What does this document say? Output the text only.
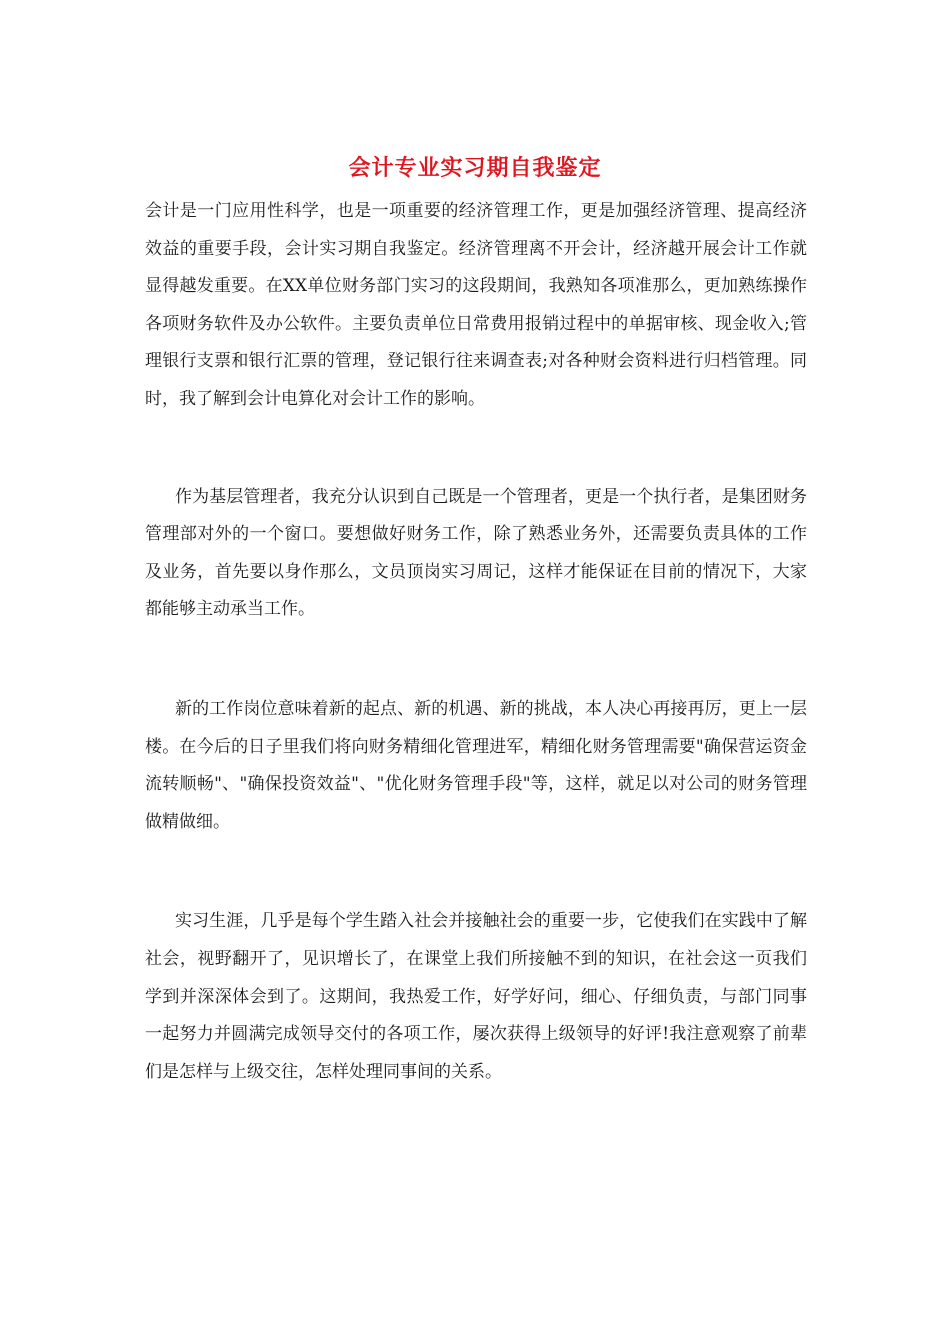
会计专业实习期自我鉴定

会计是一门应用性科学，也是一项重要的经济管理工作，更是加强经济管理、提高经济效益的重要手段，会计实习期自我鉴定。经济管理离不开会计，经济越开展会计工作就显得越发重要。在XX单位财务部门实习的这段期间，我熟知各项准那么，更加熟练操作各项财务软件及办公软件。主要负责单位日常费用报销过程中的单据审核、现金收入;管理银行支票和银行汇票的管理，登记银行往来调查表;对各种财会资料进行归档管理。同时，我了解到会计电算化对会计工作的影响。

作为基层管理者，我充分认识到自己既是一个管理者，更是一个执行者，是集团财务管理部对外的一个窗口。要想做好财务工作，除了熟悉业务外，还需要负责具体的工作及业务，首先要以身作那么，文员顶岗实习周记，这样才能保证在目前的情况下，大家都能够主动承当工作。

新的工作岗位意味着新的起点、新的机遇、新的挑战，本人决心再接再厉，更上一层楼。在今后的日子里我们将向财务精细化管理进军，精细化财务管理需要"确保营运资金流转顺畅"、"确保投资效益"、"优化财务管理手段"等，这样，就足以对公司的财务管理做精做细。

实习生涯，几乎是每个学生踏入社会并接触社会的重要一步，它使我们在实践中了解社会，视野翻开了，见识增长了，在课堂上我们所接触不到的知识，在社会这一页我们学到并深深体会到了。这期间，我热爱工作，好学好问，细心、仔细负责，与部门同事一起努力并圆满完成领导交付的各项工作，屡次获得上级领导的好评!我注意观察了前辈们是怎样与上级交往，怎样处理同事间的关系。
